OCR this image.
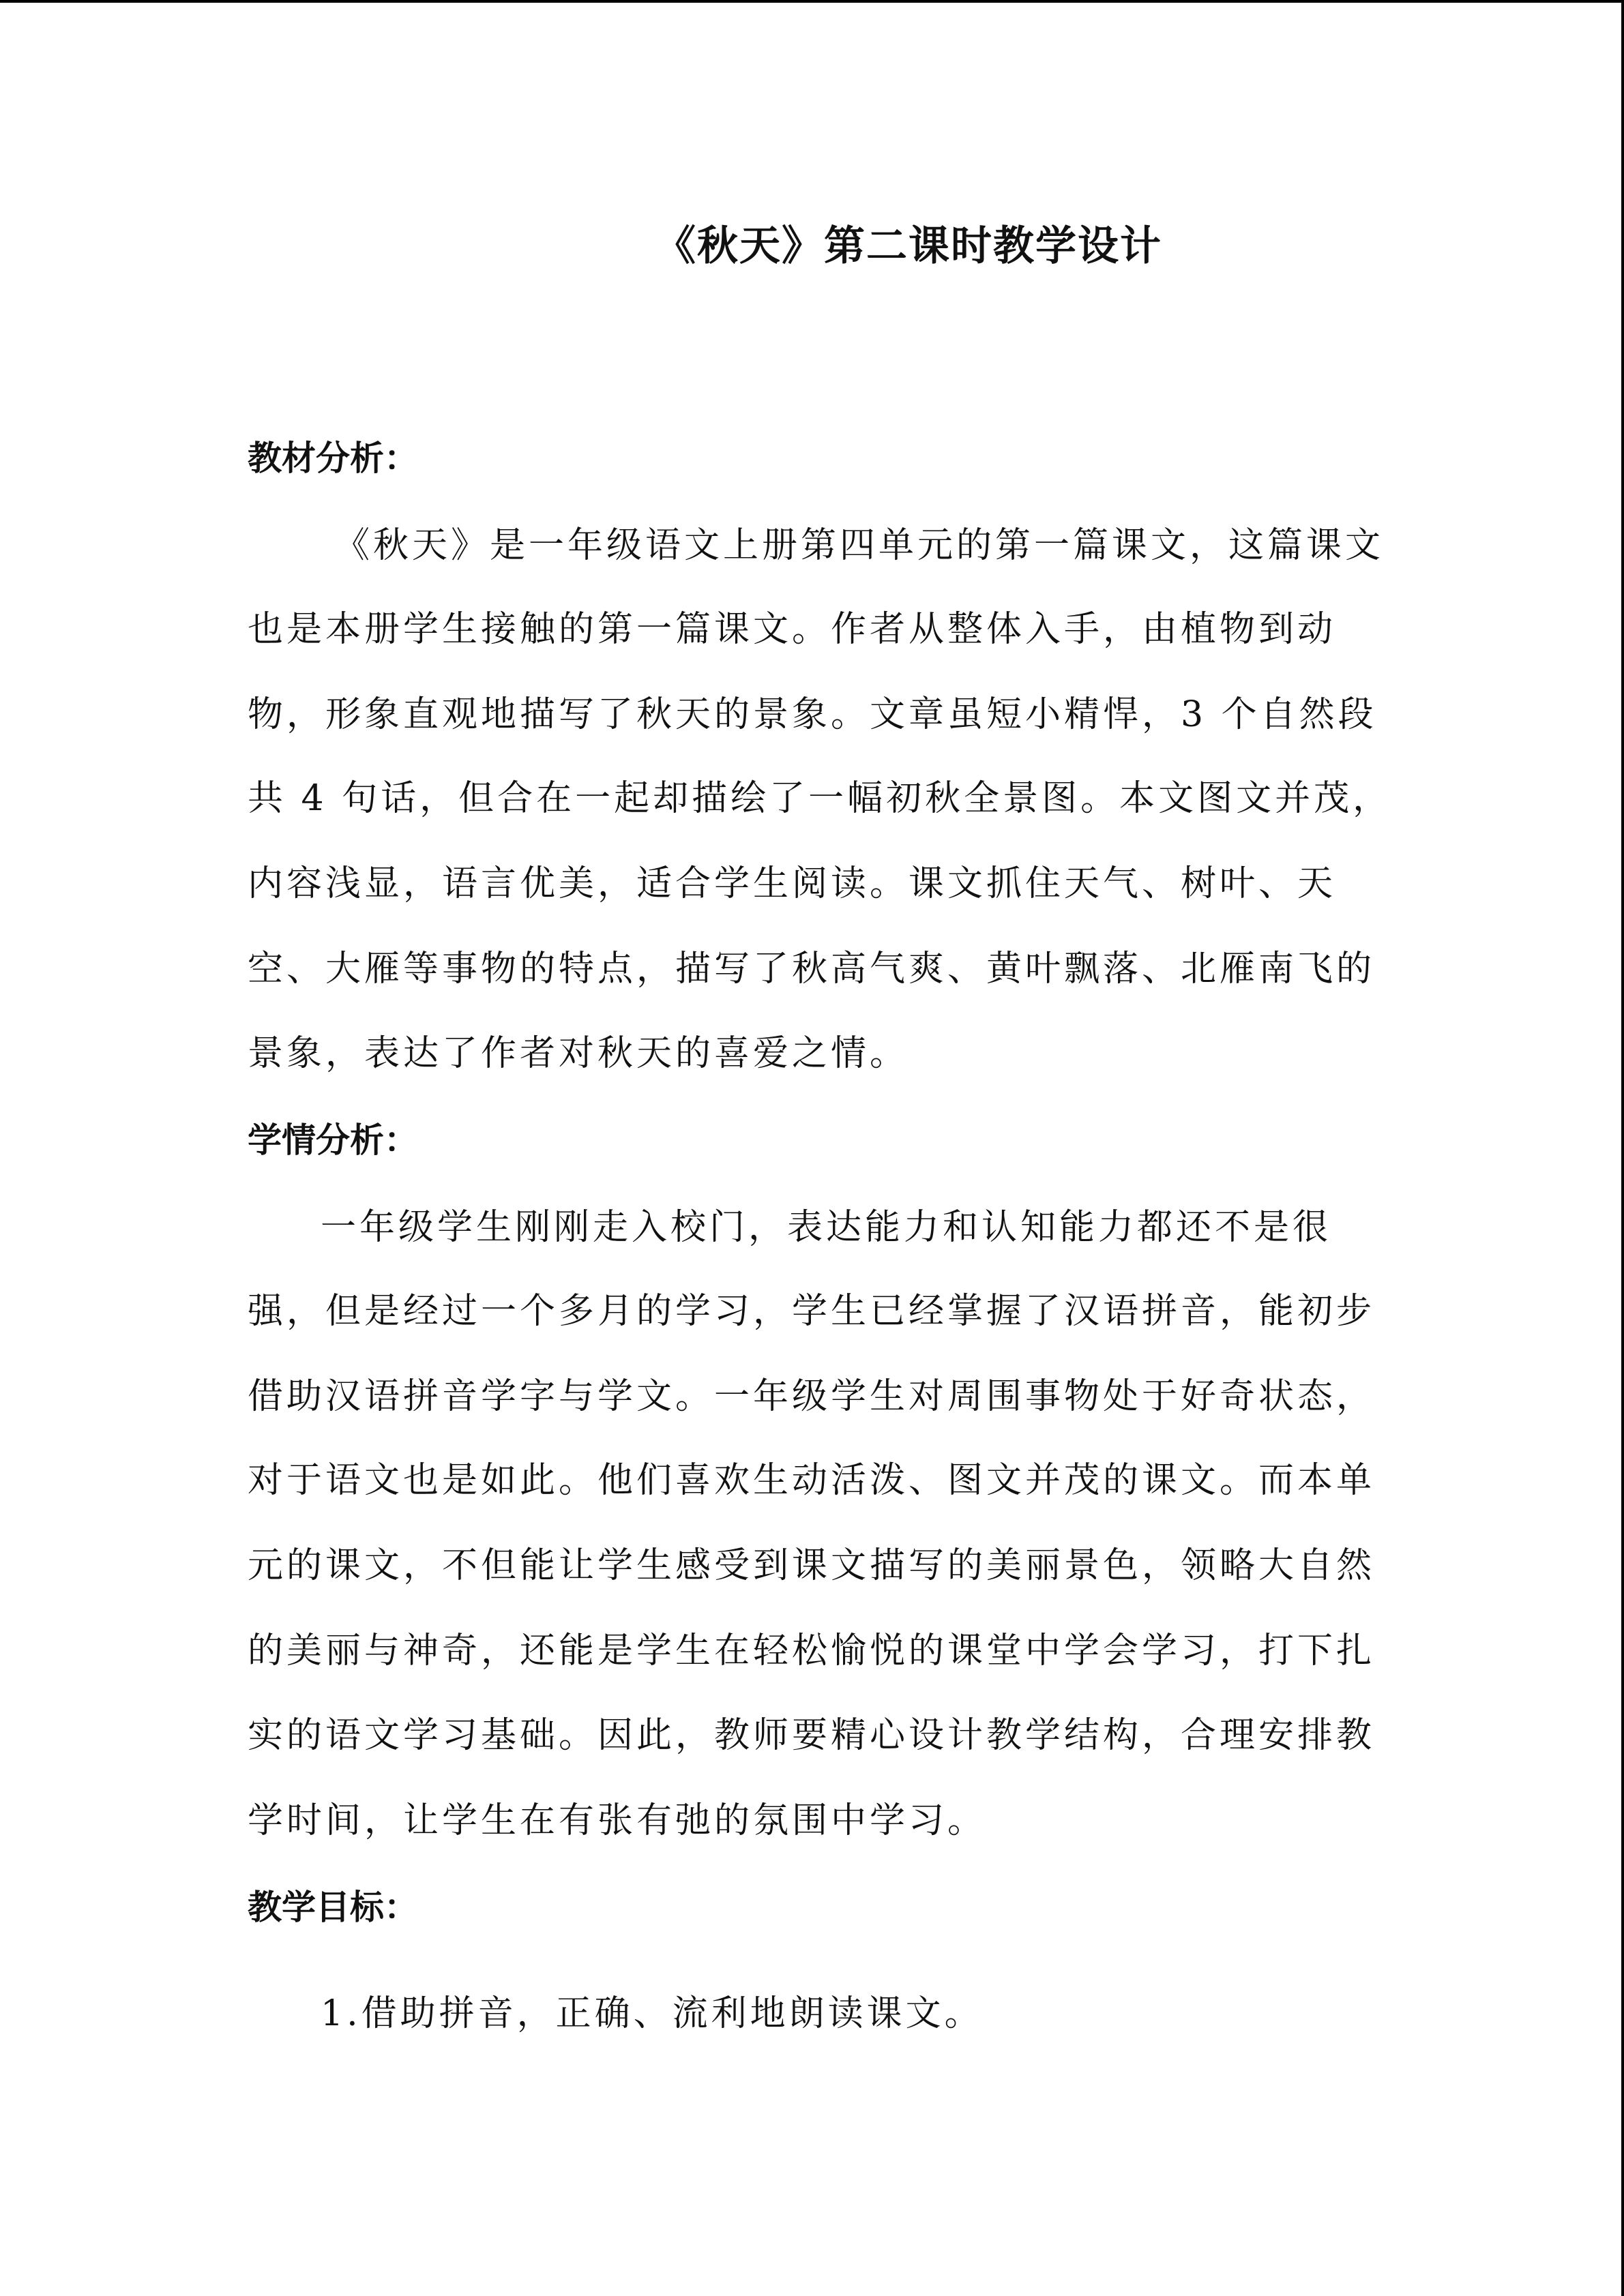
《秋天》第二课时教学设计
教材分析：
《秋天》是一年级语文上册第四单元的第一篇课文，这篇课文
也是本册学生接触的第一篇课文。作者从整体入手，由植物到动
物，形象直观地描写了秋天的景象。文章虽短小精悍，3 个自然段
共 4 句话，但合在一起却描绘了一幅初秋全景图。本文图文并茂，
内容浅显，语言优美，适合学生阅读。课文抓住天气、树叶、天
空、大雁等事物的特点，描写了秋高气爽、黄叶飘落、北雁南飞的
景象，表达了作者对秋天的喜爱之情。
学情分析：
一年级学生刚刚走入校门，表达能力和认知能力都还不是很
强，但是经过一个多月的学习，学生已经掌握了汉语拼音，能初步
借助汉语拼音学字与学文。一年级学生对周围事物处于好奇状态，
对于语文也是如此。他们喜欢生动活泼、图文并茂的课文。而本单
元的课文，不但能让学生感受到课文描写的美丽景色，领略大自然
的美丽与神奇，还能是学生在轻松愉悦的课堂中学会学习，打下扎
实的语文学习基础。因此，教师要精心设计教学结构，合理安排教
学时间，让学生在有张有弛的氛围中学习。
教学目标：
1.借助拼音，正确、流利地朗读课文。
